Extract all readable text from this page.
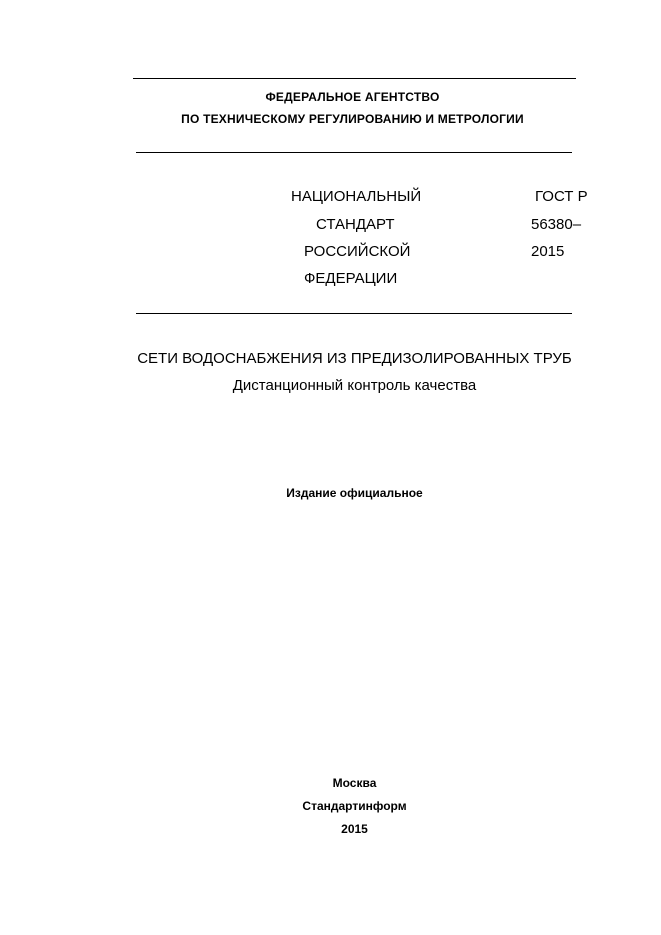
ФЕДЕРАЛЬНОЕ АГЕНТСТВО
ПО ТЕХНИЧЕСКОМУ РЕГУЛИРОВАНИЮ И МЕТРОЛОГИИ
НАЦИОНАЛЬНЫЙ
СТАНДАРТ
РОССИЙСКОЙ
ФЕДЕРАЦИИ
ГОСТ Р
56380–
2015
СЕТИ ВОДОСНАБЖЕНИЯ ИЗ ПРЕДИЗОЛИРОВАННЫХ ТРУБ
Дистанционный контроль качества
Издание официальное
Москва
Стандартинформ
2015
